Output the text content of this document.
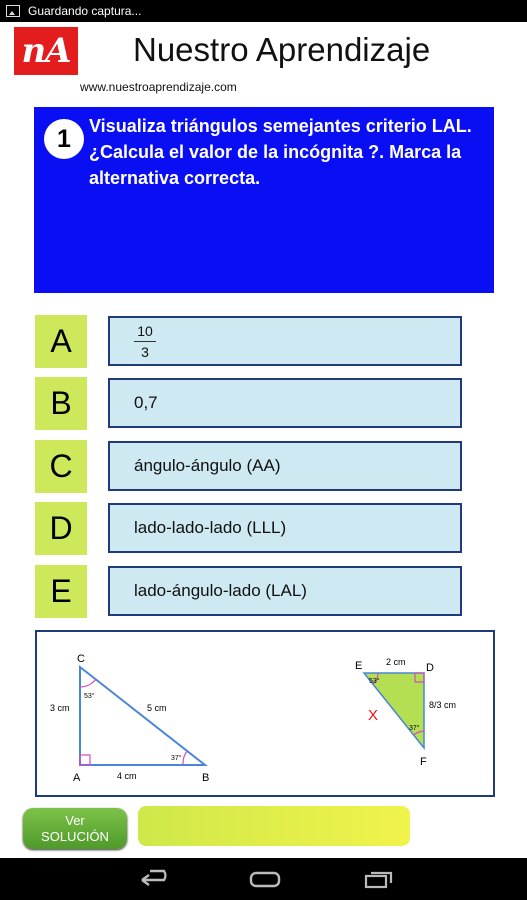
Guardando captura...
nA Nuestro Aprendizaje
www.nuestroaprendizaje.com
1	Visualiza triángulos semejantes criterio LAL.¿Calcula el valor de la incógnita ?. Marca la alternativa correcta.
A	$\frac{10}{3}$
B	0,7
C	ángulo-ángulo (AA)
D	lado-lado-lado (LLL)
E	lado-ángulo-lado (LAL)
C
A	B
3 cm	5 cm
4 cm
53°
37°
E	D
F
2 cm
8/3 cm
X
53°
37°
Ver
SOLUCIÓN
